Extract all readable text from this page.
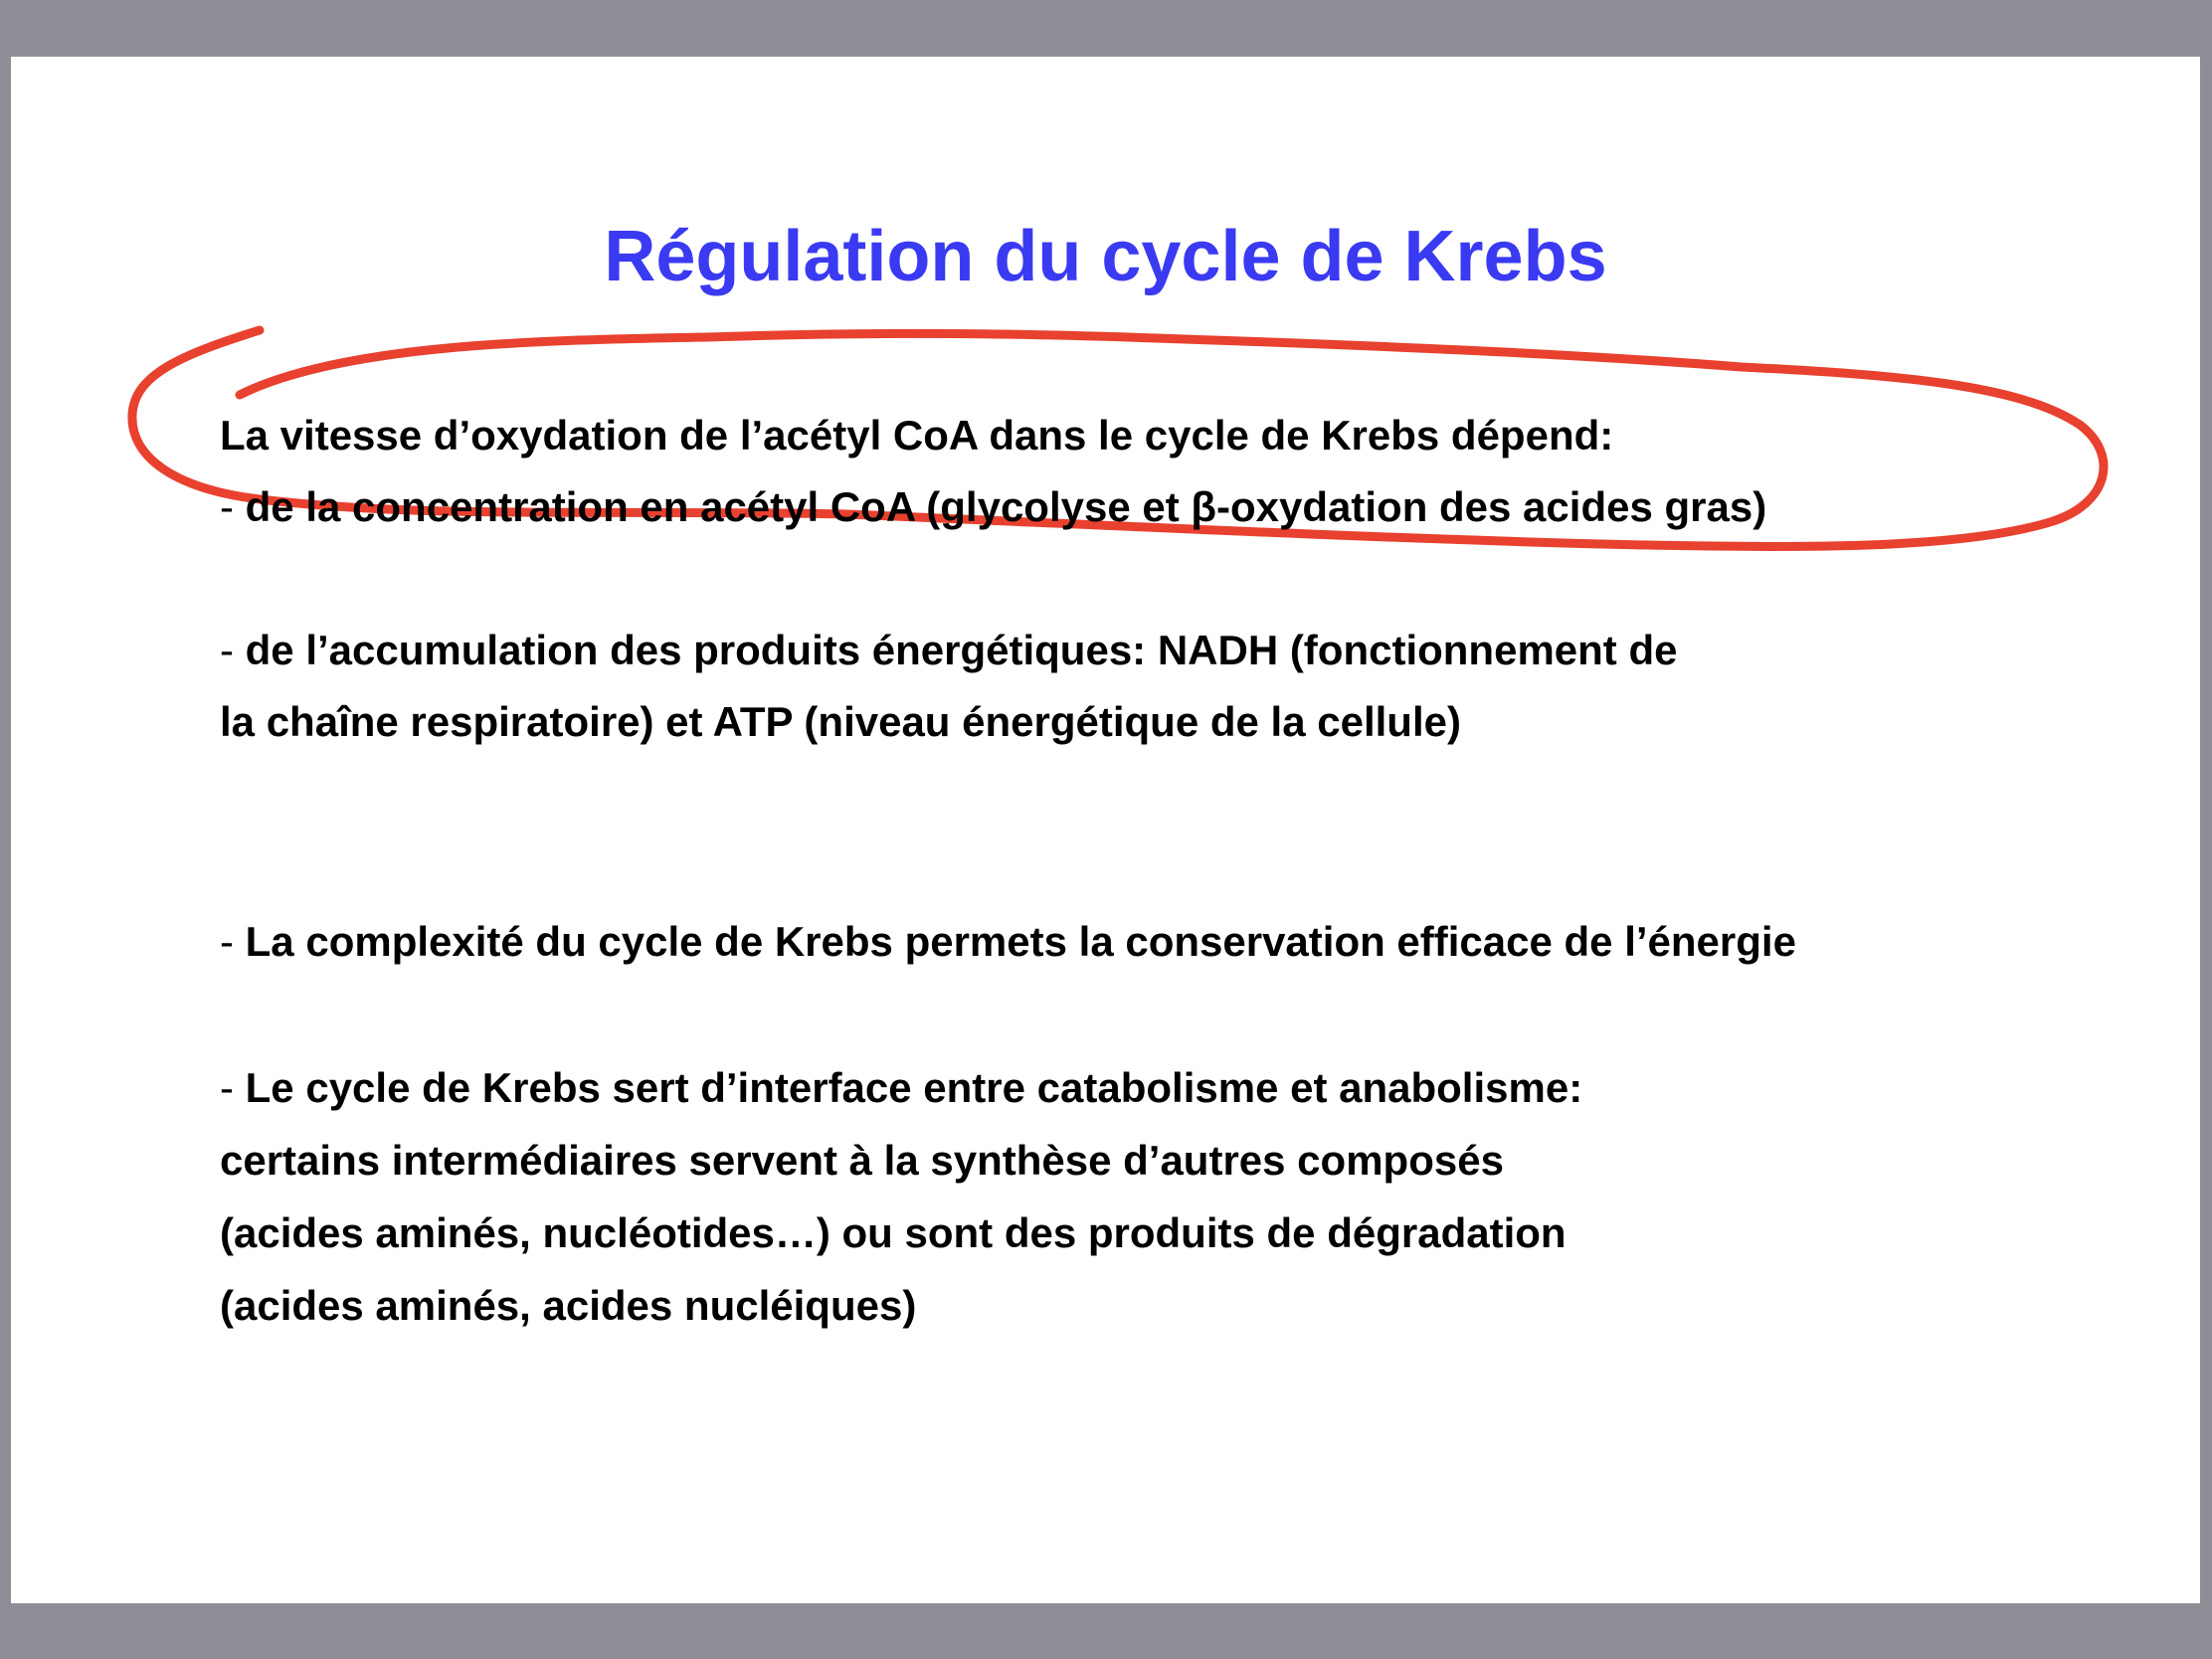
Régulation du cycle de Krebs

La vitesse d’oxydation de l’acétyl CoA dans le cycle de Krebs dépend:

- de la concentration en acétyl CoA (glycolyse et β-oxydation des acides gras)

- de l’accumulation des produits énergétiques: NADH (fonctionnement de

la chaîne respiratoire) et ATP (niveau énergétique de la cellule)

- La complexité du cycle de Krebs permets la conservation efficace de l’énergie

- Le cycle de Krebs sert d’interface entre catabolisme et anabolisme:

certains intermédiaires servent à la synthèse d’autres composés

(acides aminés, nucléotides…) ou sont des produits de dégradation

(acides aminés, acides nucléiques)
